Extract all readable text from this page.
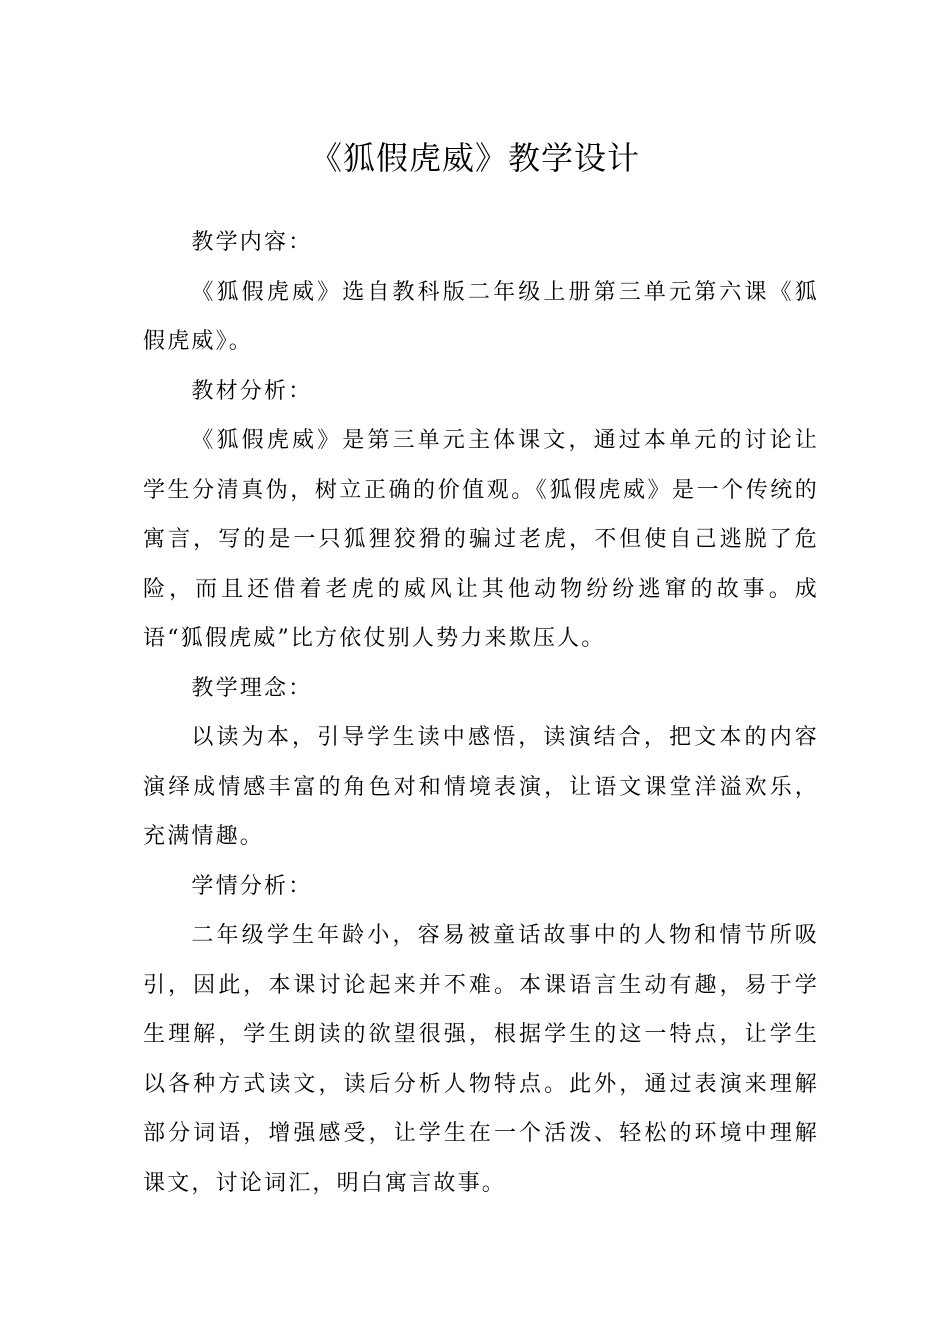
《狐假虎威》教学设计

教学内容：

《狐假虎威》选自教科版二年级上册第三单元第六课《狐假虎威》。

教材分析：

《狐假虎威》是第三单元主体课文，通过本单元的讨论让学生分清真伪，树立正确的价值观。《狐假虎威》是一个传统的寓言，写的是一只狐狸狡猾的骗过老虎，不但使自己逃脱了危险，而且还借着老虎的威风让其他动物纷纷逃窜的故事。成语“狐假虎威”比方依仗别人势力来欺压人。

教学理念：

以读为本，引导学生读中感悟，读演结合，把文本的内容演绎成情感丰富的角色对和情境表演，让语文课堂洋溢欢乐，充满情趣。

学情分析：

二年级学生年龄小，容易被童话故事中的人物和情节所吸引，因此，本课讨论起来并不难。本课语言生动有趣，易于学生理解，学生朗读的欲望很强，根据学生的这一特点，让学生以各种方式读文，读后分析人物特点。此外，通过表演来理解部分词语，增强感受，让学生在一个活泼、轻松的环境中理解课文，讨论词汇，明白寓言故事。
